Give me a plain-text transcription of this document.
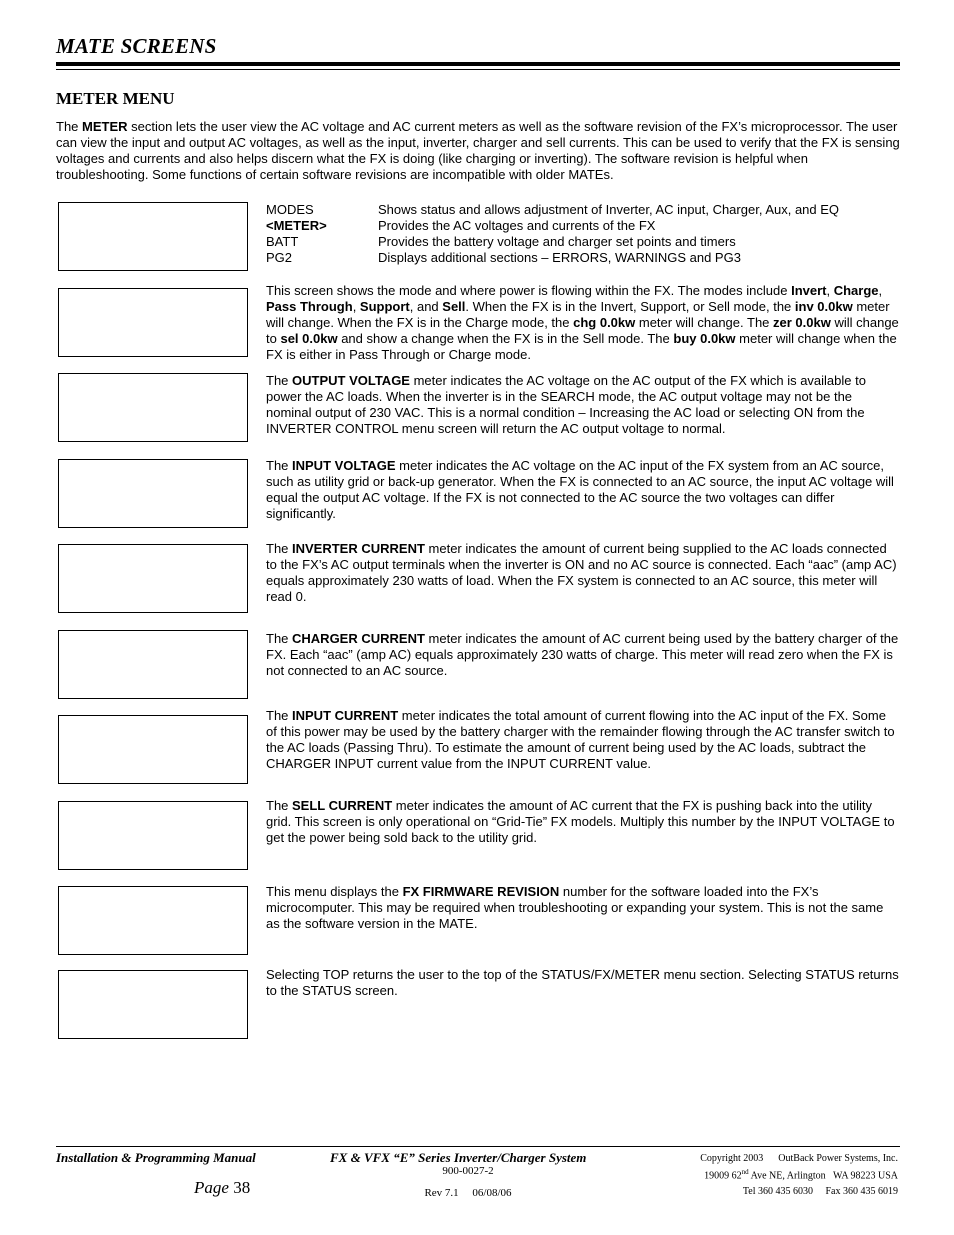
MATE SCREENS
METER MENU
The METER section lets the user view the AC voltage and AC current meters as well as the software revision of the FX’s microprocessor. The user can view the input and output AC voltages, as well as the input, inverter, charger and sell currents. This can be used to verify that the FX is sensing voltages and currents and also helps discern what the FX is doing (like charging or inverting). The software revision is helpful when troubleshooting. Some functions of certain software revisions are incompatible with older MATEs.
MODES	Shows status and allows adjustment of Inverter, AC input, Charger, Aux, and EQ
<METER>	Provides the AC voltages and currents of the FX
BATT	Provides the battery voltage and charger set points and timers
PG2	Displays additional sections – ERRORS, WARNINGS and PG3
This screen shows the mode and where power is flowing within the FX. The modes include Invert, Charge, Pass Through, Support, and Sell. When the FX is in the Invert, Support, or Sell mode, the inv 0.0kw meter will change. When the FX is in the Charge mode, the chg 0.0kw meter will change. The zer 0.0kw will change to sel 0.0kw and show a change when the FX is in the Sell mode. The buy 0.0kw meter will change when the FX is either in Pass Through or Charge mode.
The OUTPUT VOLTAGE meter indicates the AC voltage on the AC output of the FX which is available to power the AC loads. When the inverter is in the SEARCH mode, the AC output voltage may not be the nominal output of 230 VAC. This is a normal condition – Increasing the AC load or selecting ON from the INVERTER CONTROL menu screen will return the AC output voltage to normal.
The INPUT VOLTAGE meter indicates the AC voltage on the AC input of the FX system from an AC source, such as utility grid or back-up generator. When the FX is connected to an AC source, the input AC voltage will equal the output AC voltage. If the FX is not connected to the AC source the two voltages can differ significantly.
The INVERTER CURRENT meter indicates the amount of current being supplied to the AC loads connected to the FX’s AC output terminals when the inverter is ON and no AC source is connected. Each “aac” (amp AC) equals approximately 230 watts of load. When the FX system is connected to an AC source, this meter will read 0.
The CHARGER CURRENT meter indicates the amount of AC current being used by the battery charger of the FX. Each “aac” (amp AC) equals approximately 230 watts of charge. This meter will read zero when the FX is not connected to an AC source.
The INPUT CURRENT meter indicates the total amount of current flowing into the AC input of the FX. Some of this power may be used by the battery charger with the remainder flowing through the AC transfer switch to the AC loads (Passing Thru). To estimate the amount of current being used by the AC loads, subtract the CHARGER INPUT current value from the INPUT CURRENT value.
The SELL CURRENT meter indicates the amount of AC current that the FX is pushing back into the utility grid. This screen is only operational on “Grid-Tie” FX models. Multiply this number by the INPUT VOLTAGE to get the power being sold back to the utility grid.
This menu displays the FX FIRMWARE REVISION number for the software loaded into the FX’s microcomputer. This may be required when troubleshooting or expanding your system. This is not the same as the software version in the MATE.
Selecting TOP returns the user to the top of the STATUS/FX/METER menu section. Selecting STATUS returns to the STATUS screen.
Installation & Programming Manual
Page 38
FX & VFX “E” Series Inverter/Charger System
900-0027-2
Rev 7.1 06/08/06
Copyright 2003 OutBack Power Systems, Inc.
19009 62nd Ave NE, Arlington   WA 98223 USA
Tel 360 435 6030 Fax 360 435 6019
